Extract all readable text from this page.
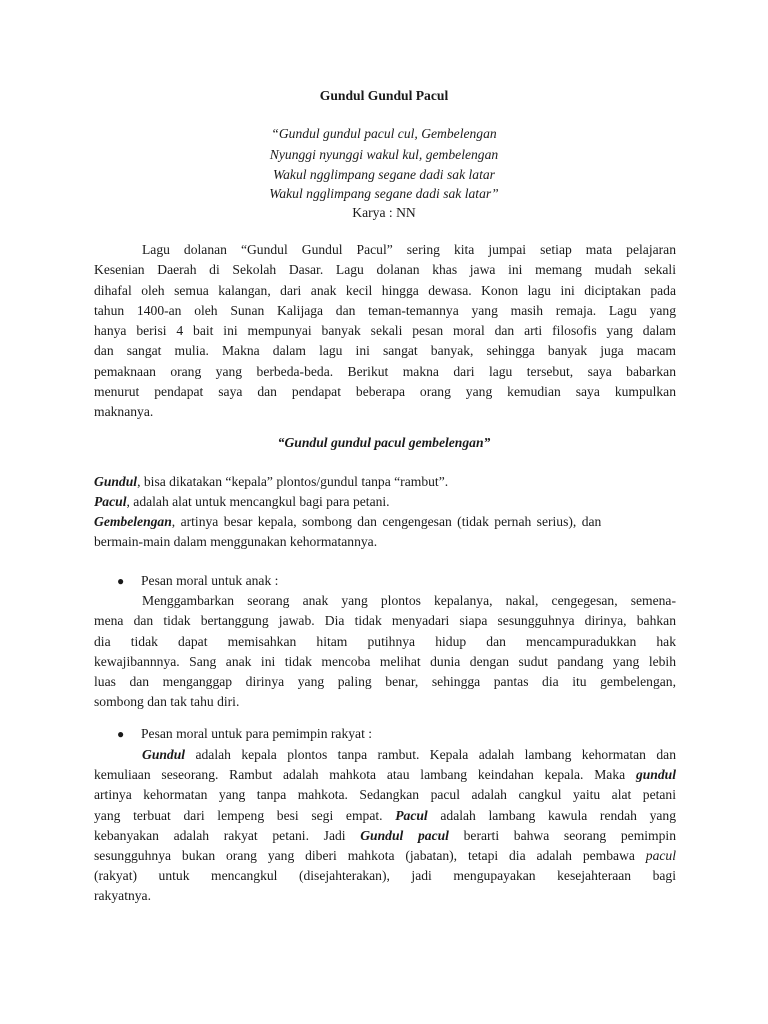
Gundul Gundul Pacul
“Gundul gundul pacul cul, Gembelengan
Nyunggi nyunggi wakul kul, gembelengan
Wakul ngglimpang segane dadi sak latar
Wakul ngglimpang segane dadi sak latar”
Karya : NN
Lagu dolanan “Gundul Gundul Pacul” sering kita jumpai setiap mata pelajaran
Kesenian Daerah di Sekolah Dasar. Lagu dolanan khas jawa ini memang mudah sekali
dihafal oleh semua kalangan, dari anak kecil hingga dewasa. Konon lagu ini diciptakan pada
tahun 1400-an oleh Sunan Kalijaga dan teman-temannya yang masih remaja. Lagu yang
hanya berisi 4 bait ini mempunyai banyak sekali pesan moral dan arti filosofis yang dalam
dan sangat mulia. Makna dalam lagu ini sangat banyak, sehingga banyak juga macam
pemaknaan orang yang berbeda-beda. Berikut makna dari lagu tersebut, saya babarkan
menurut pendapat saya dan pendapat beberapa orang yang kemudian saya kumpulkan
maknanya.
“Gundul gundul pacul gembelengan”
Gundul, bisa dikatakan “kepala” plontos/gundul tanpa “rambut”.
Pacul, adalah alat untuk mencangkul bagi para petani.
Gembelengan, artinya besar kepala, sombong dan cengengesan (tidak pernah serius), dan
bermain-main dalam menggunakan kehormatannya.
● Pesan moral untuk anak :
Menggambarkan seorang anak yang plontos kepalanya, nakal, cengegesan, semena-
mena dan tidak bertanggung jawab. Dia tidak menyadari siapa sesungguhnya dirinya, bahkan
dia tidak dapat memisahkan hitam putihnya hidup dan mencampuradukkan hak
kewajibannnya. Sang anak ini tidak mencoba melihat dunia dengan sudut pandang yang lebih
luas dan menganggap dirinya yang paling benar, sehingga pantas dia itu gembelengan,
sombong dan tak tahu diri.
● Pesan moral untuk para pemimpin rakyat :
Gundul adalah kepala plontos tanpa rambut. Kepala adalah lambang kehormatan dan
kemuliaan seseorang. Rambut adalah mahkota atau lambang keindahan kepala. Maka gundul
artinya kehormatan yang tanpa mahkota. Sedangkan pacul adalah cangkul yaitu alat petani
yang terbuat dari lempeng besi segi empat. Pacul adalah lambang kawula rendah yang
kebanyakan adalah rakyat petani. Jadi Gundul pacul berarti bahwa seorang pemimpin
sesungguhnya bukan orang yang diberi mahkota (jabatan), tetapi dia adalah pembawa pacul
(rakyat) untuk mencangkul (disejahterakan), jadi mengupayakan kesejahteraan bagi
rakyatnya.
